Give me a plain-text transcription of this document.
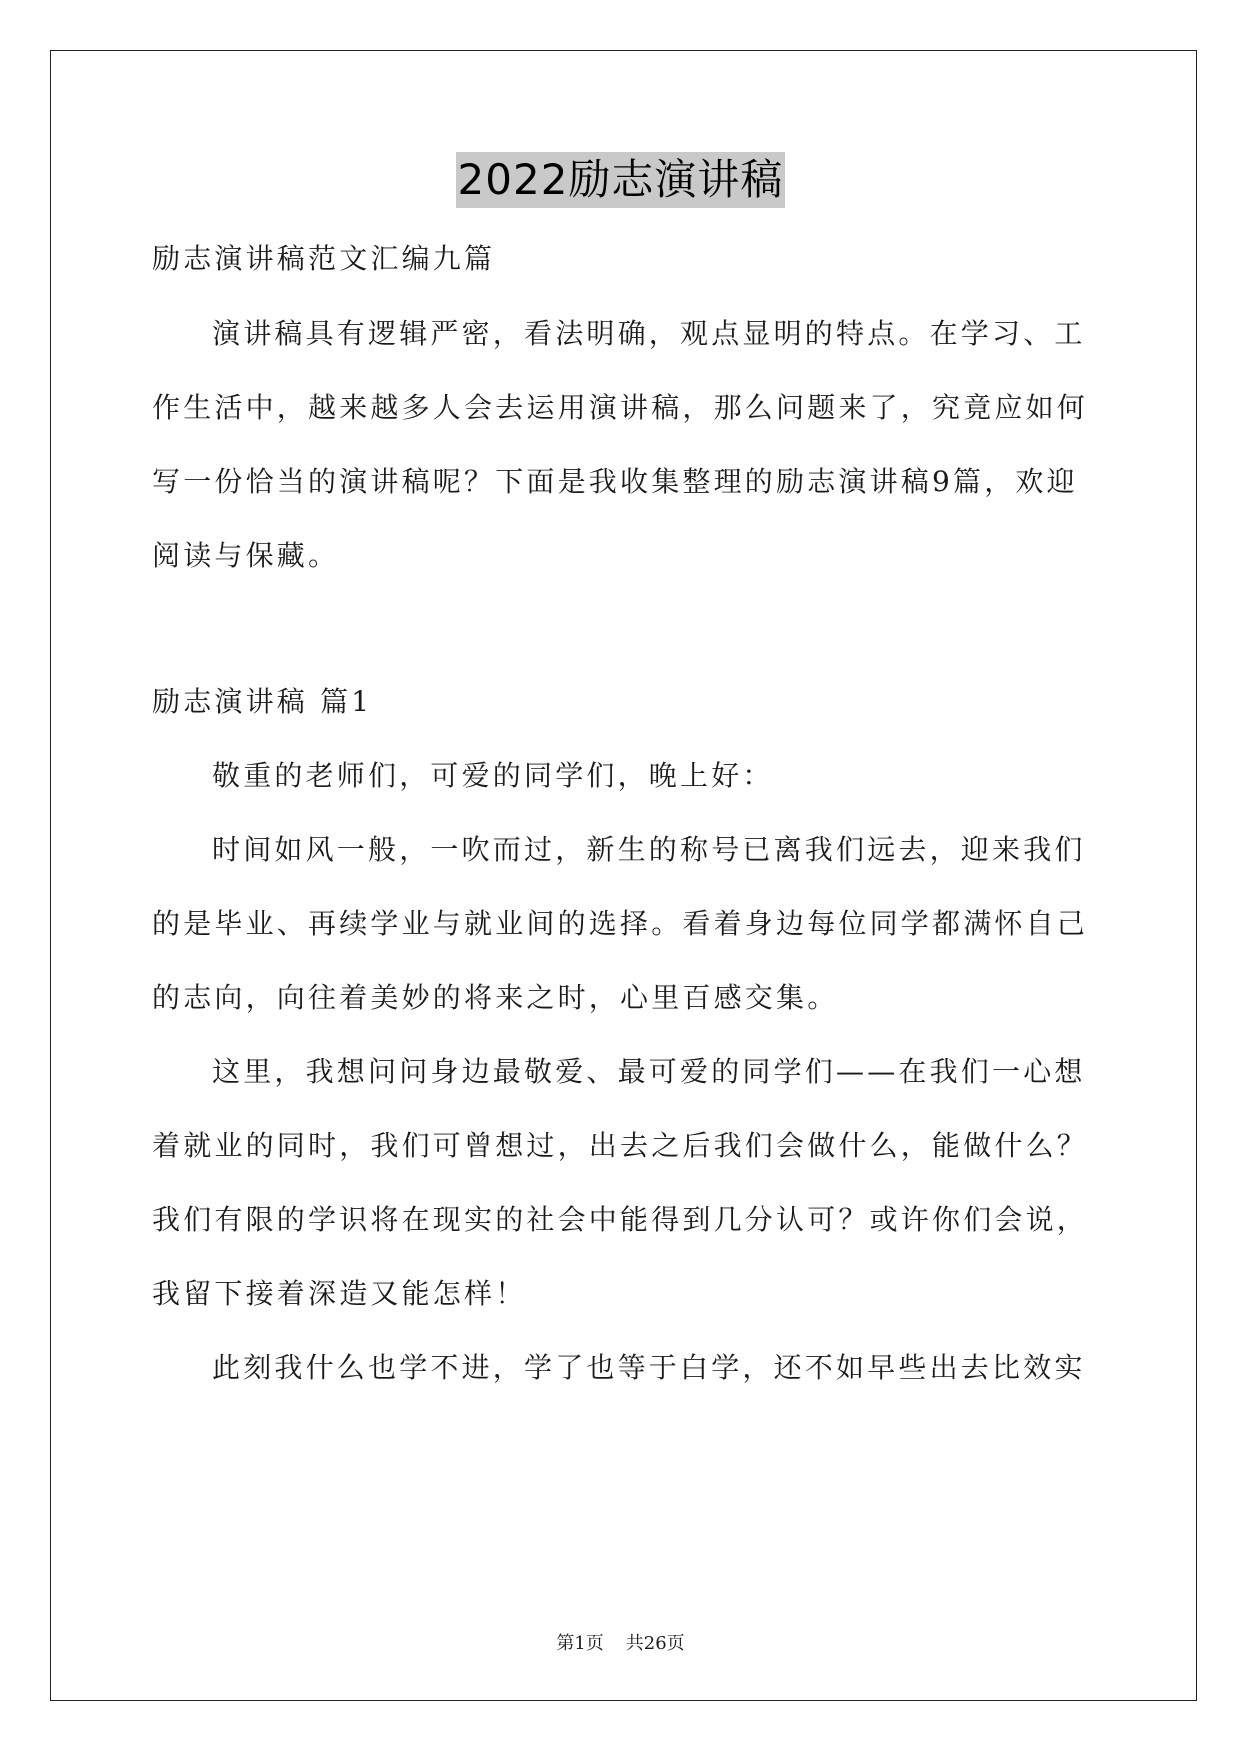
2022励志演讲稿
励志演讲稿范文汇编九篇
演讲稿具有逻辑严密，看法明确，观点显明的特点。在学习、工
作生活中，越来越多人会去运用演讲稿，那么问题来了，究竟应如何
写一份恰当的演讲稿呢？下面是我收集整理的励志演讲稿9篇，欢迎
阅读与保藏。
励志演讲稿 篇1
敬重的老师们，可爱的同学们，晚上好：
时间如风一般，一吹而过，新生的称号已离我们远去，迎来我们
的是毕业、再续学业与就业间的选择。看着身边每位同学都满怀自己
的志向，向往着美妙的将来之时，心里百感交集。
这里，我想问问身边最敬爱、最可爱的同学们——在我们一心想
着就业的同时，我们可曾想过，出去之后我们会做什么，能做什么？
我们有限的学识将在现实的社会中能得到几分认可？或许你们会说，
我留下接着深造又能怎样！
此刻我什么也学不进，学了也等于白学，还不如早些出去比效实
第1页 共26页
